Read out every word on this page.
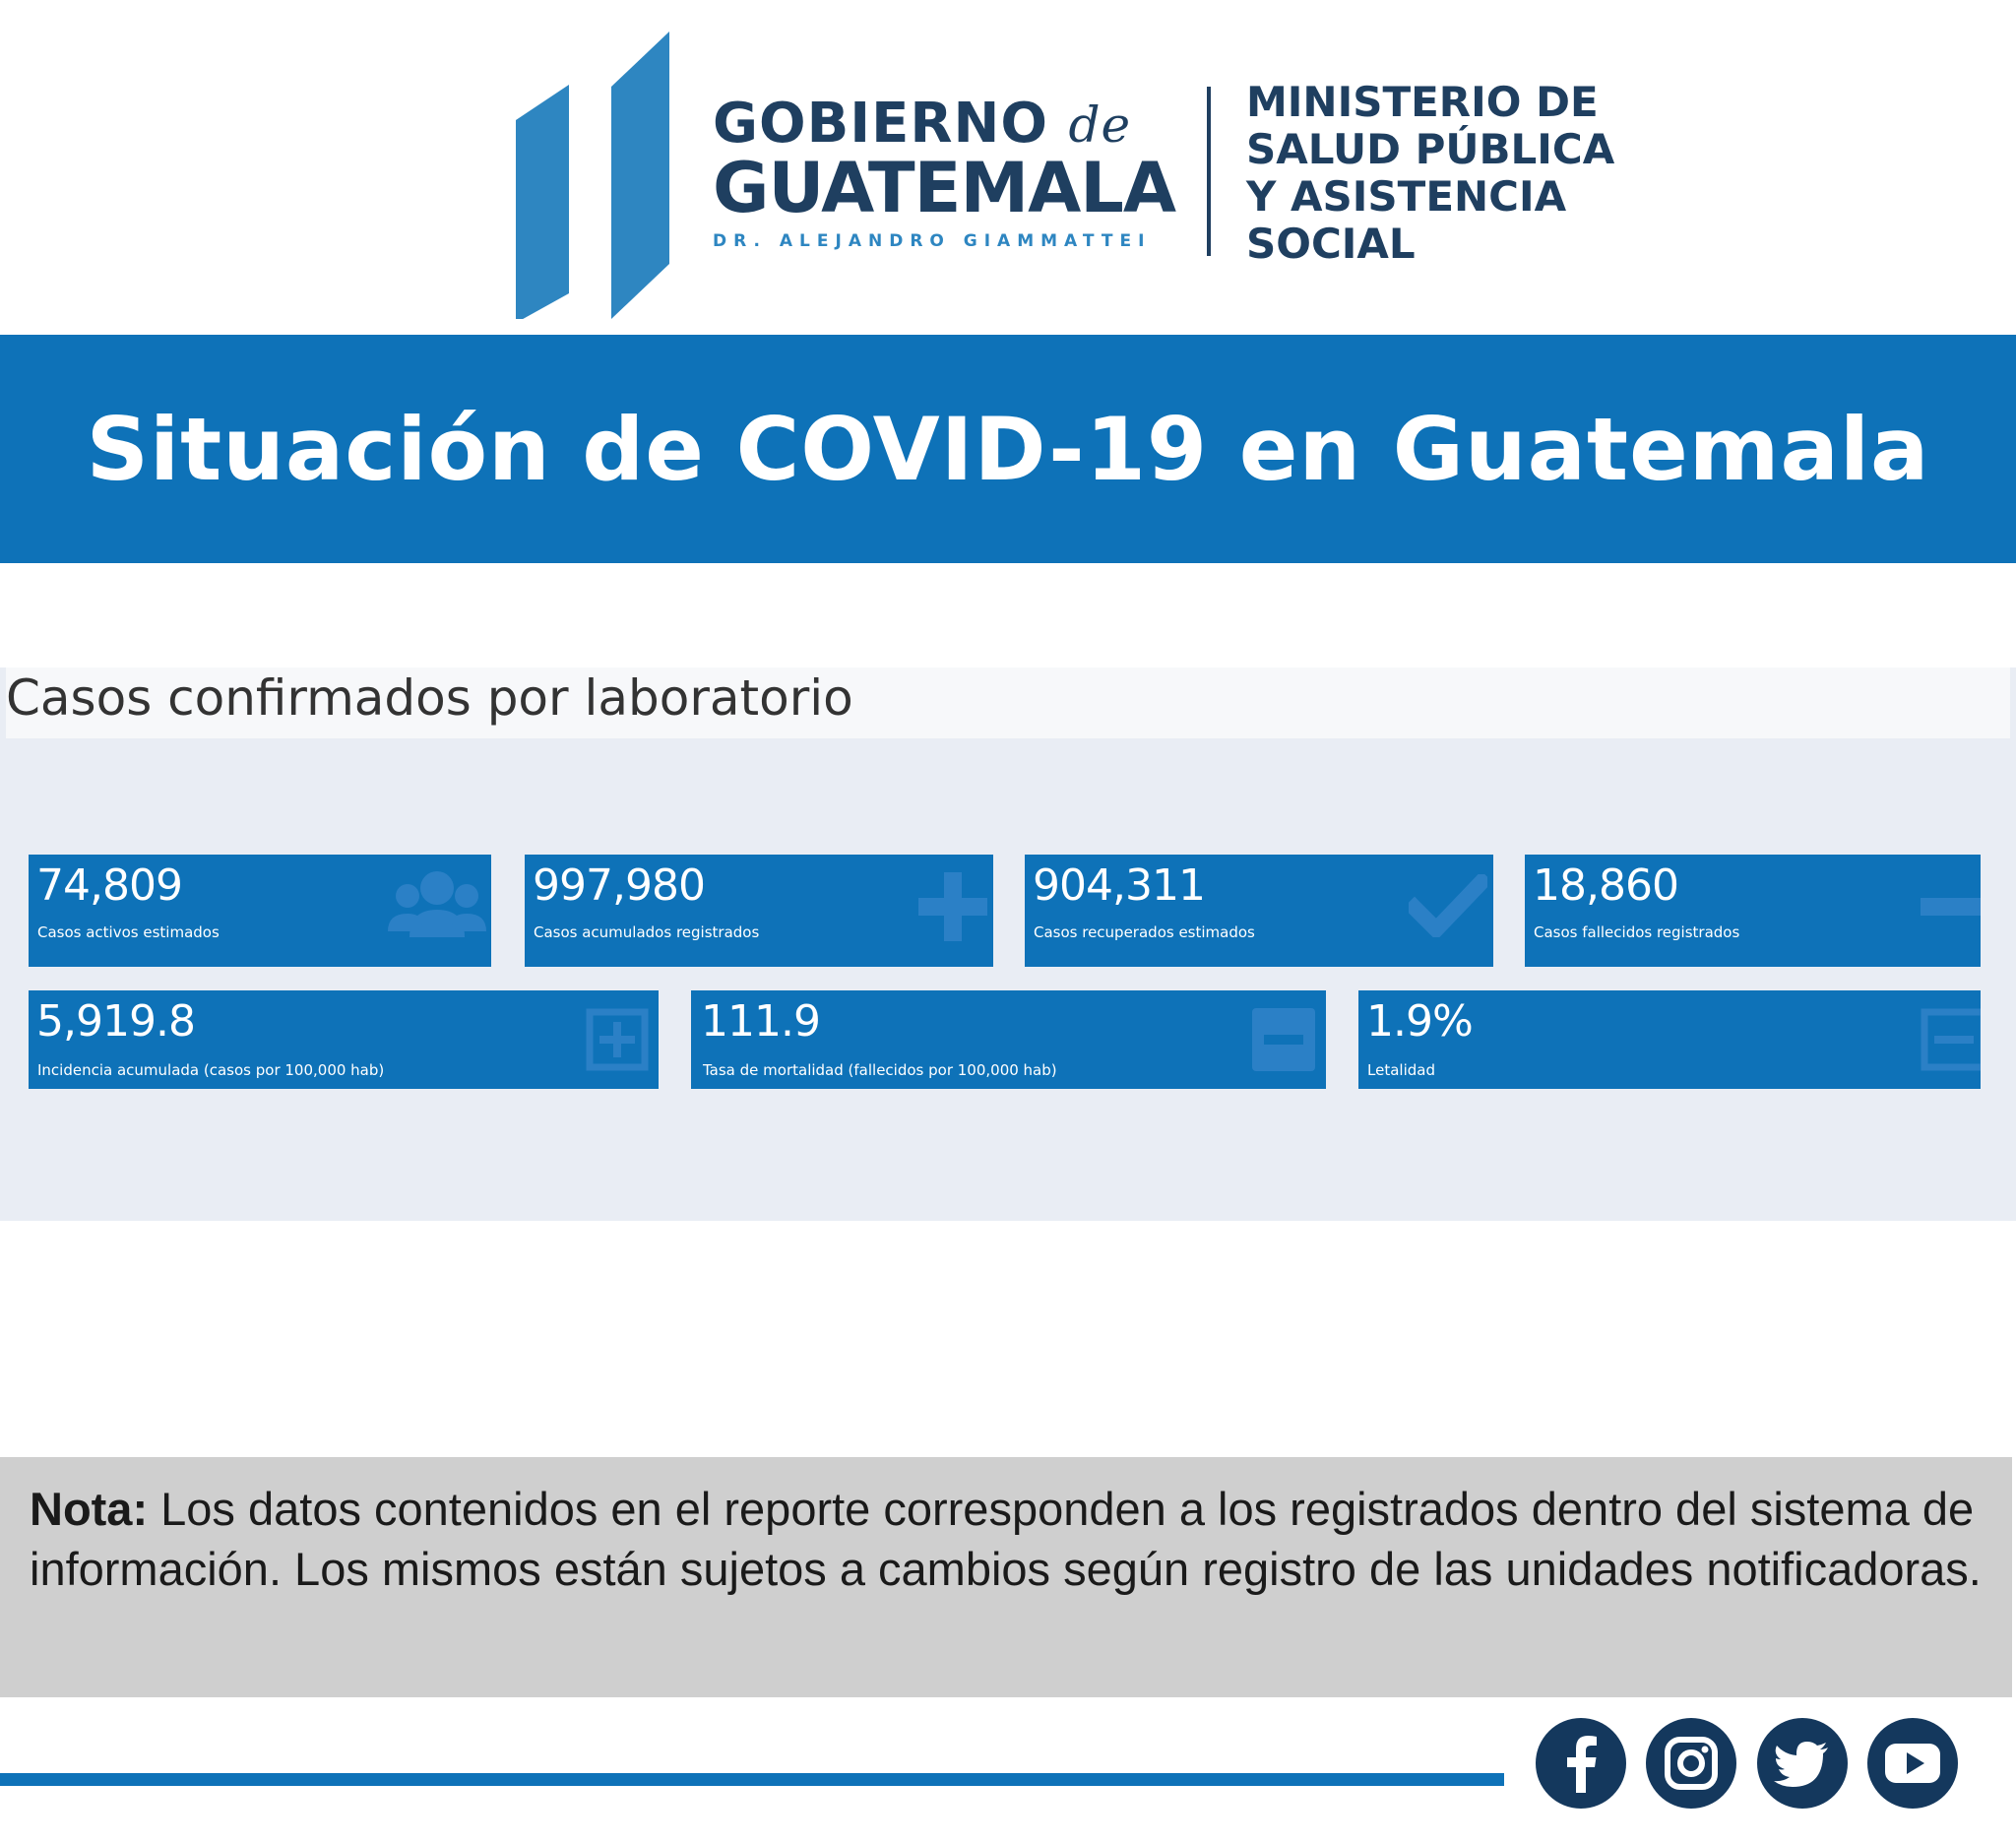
GOBIERNO de
GUATEMALA
DR. ALEJANDRO GIAMMATTEI
MINISTERIO DE
SALUD PÚBLICA
Y ASISTENCIA
SOCIAL
Situación de COVID-19 en Guatemala
Casos confirmados por laboratorio
74,809
Casos activos estimados
997,980
Casos acumulados registrados
904,311
Casos recuperados estimados
18,860
Casos fallecidos registrados
5,919.8
Incidencia acumulada (casos por 100,000 hab)
111.9
Tasa de mortalidad (fallecidos por 100,000 hab)
1.9%
Letalidad

Nota: Los datos contenidos en el reporte corresponden a los registrados dentro del sistema de información. Los mismos están sujetos a cambios según registro de las unidades notificadoras.
